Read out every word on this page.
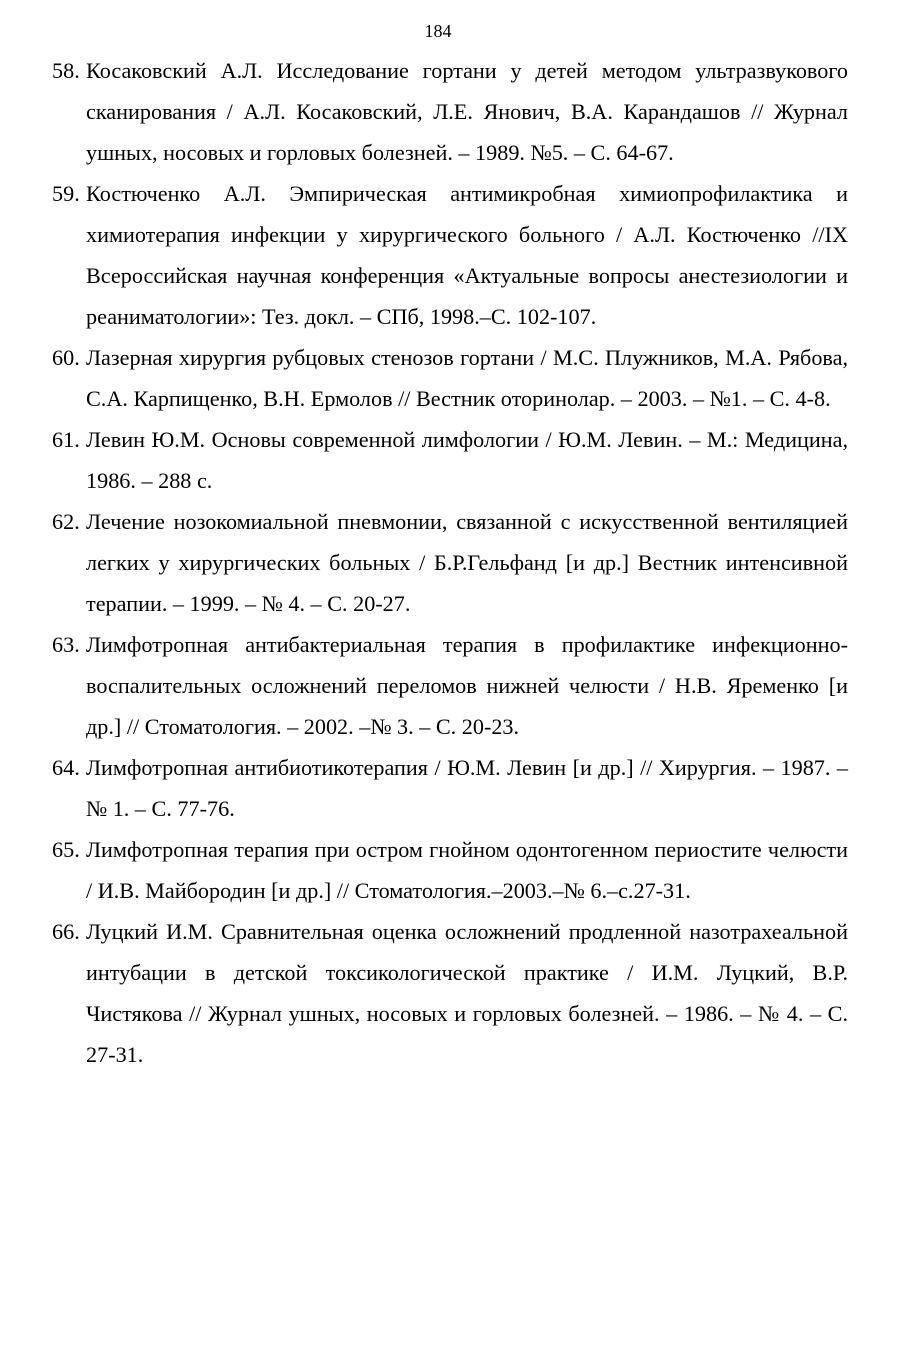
184
58. Косаковский А.Л. Исследование гортани у детей методом ультразвукового сканирования / А.Л. Косаковский, Л.Е. Янович, В.А. Карандашов // Журнал ушных, носовых и горловых болезней. – 1989. №5. – С. 64-67.
59. Костюченко А.Л. Эмпирическая антимикробная химиопрофилактика и химиотерапия инфекции у хирургического больного / А.Л. Костюченко //IX Всероссийская научная конференция «Актуальные вопросы анестезиологии и реаниматологии»: Тез. докл. – СПб, 1998.–С. 102-107.
60. Лазерная хирургия рубцовых стенозов гортани / М.С. Плужников, М.А. Рябова, С.А. Карпищенко, В.Н. Ермолов // Вестник оторинолар. – 2003. – №1. – С. 4-8.
61. Левин Ю.М. Основы современной лимфологии / Ю.М. Левин. – М.: Медицина, 1986. – 288 с.
62. Лечение нозокомиальной пневмонии, связанной с искусственной вентиляцией легких у хирургических больных / Б.Р.Гельфанд [и др.] Вестник интенсивной терапии. – 1999. – № 4. – С. 20-27.
63. Лимфотропная антибактериальная терапия в профилактике инфекционно-воспалительных осложнений переломов нижней челюсти / Н.В. Яременко [и др.] // Стоматология. – 2002. –№ 3. – С. 20-23.
64. Лимфотропная антибиотикотерапия / Ю.М. Левин [и др.] // Хирургия. – 1987. – № 1. – С. 77-76.
65. Лимфотропная терапия при остром гнойном одонтогенном периостите челюсти / И.В. Майбородин [и др.] // Стоматология.–2003.–№ 6.–с.27-31.
66. Луцкий И.М. Сравнительная оценка осложнений продленной назотрахеальной интубации в детской токсикологической практике / И.М. Луцкий, В.Р. Чистякова // Журнал ушных, носовых и горловых болезней. – 1986. – № 4. – С. 27-31.
